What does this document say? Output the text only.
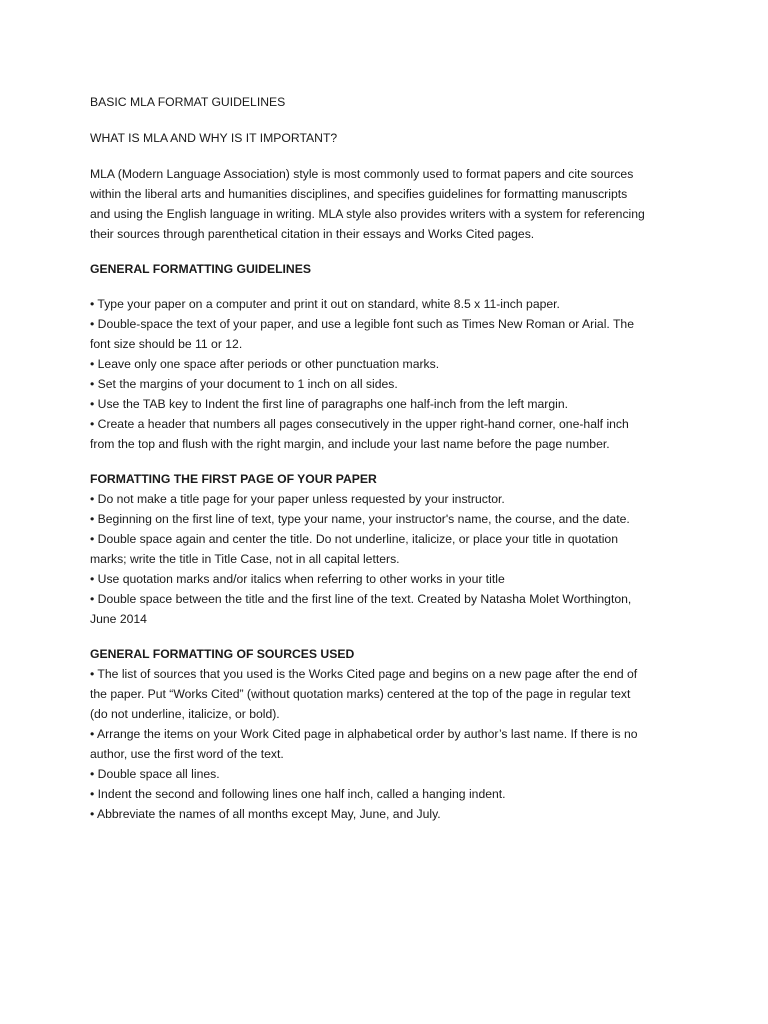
BASIC MLA FORMAT GUIDELINES
WHAT IS MLA AND WHY IS IT IMPORTANT?
MLA (Modern Language Association) style is most commonly used to format papers and cite sources
within the liberal arts and humanities disciplines, and specifies guidelines for formatting manuscripts
and using the English language in writing. MLA style also provides writers with a system for referencing
their sources through parenthetical citation in their essays and Works Cited pages.
GENERAL FORMATTING GUIDELINES
• Type your paper on a computer and print it out on standard, white 8.5 x 11-inch paper.
• Double-space the text of your paper, and use a legible font such as Times New Roman or Arial. The
font size should be 11 or 12.
• Leave only one space after periods or other punctuation marks.
• Set the margins of your document to 1 inch on all sides.
• Use the TAB key to Indent the first line of paragraphs one half-inch from the left margin.
• Create a header that numbers all pages consecutively in the upper right-hand corner, one-half inch
from the top and flush with the right margin, and include your last name before the page number.
FORMATTING THE FIRST PAGE OF YOUR PAPER
• Do not make a title page for your paper unless requested by your instructor.
• Beginning on the first line of text, type your name, your instructor's name, the course, and the date.
• Double space again and center the title. Do not underline, italicize, or place your title in quotation
marks; write the title in Title Case, not in all capital letters.
• Use quotation marks and/or italics when referring to other works in your title
• Double space between the title and the first line of the text. Created by Natasha Molet Worthington,
June 2014
GENERAL FORMATTING OF SOURCES USED
• The list of sources that you used is the Works Cited page and begins on a new page after the end of
the paper. Put “Works Cited” (without quotation marks) centered at the top of the page in regular text
(do not underline, italicize, or bold).
• Arrange the items on your Work Cited page in alphabetical order by author’s last name. If there is no
author, use the first word of the text.
• Double space all lines.
• Indent the second and following lines one half inch, called a hanging indent.
• Abbreviate the names of all months except May, June, and July.
